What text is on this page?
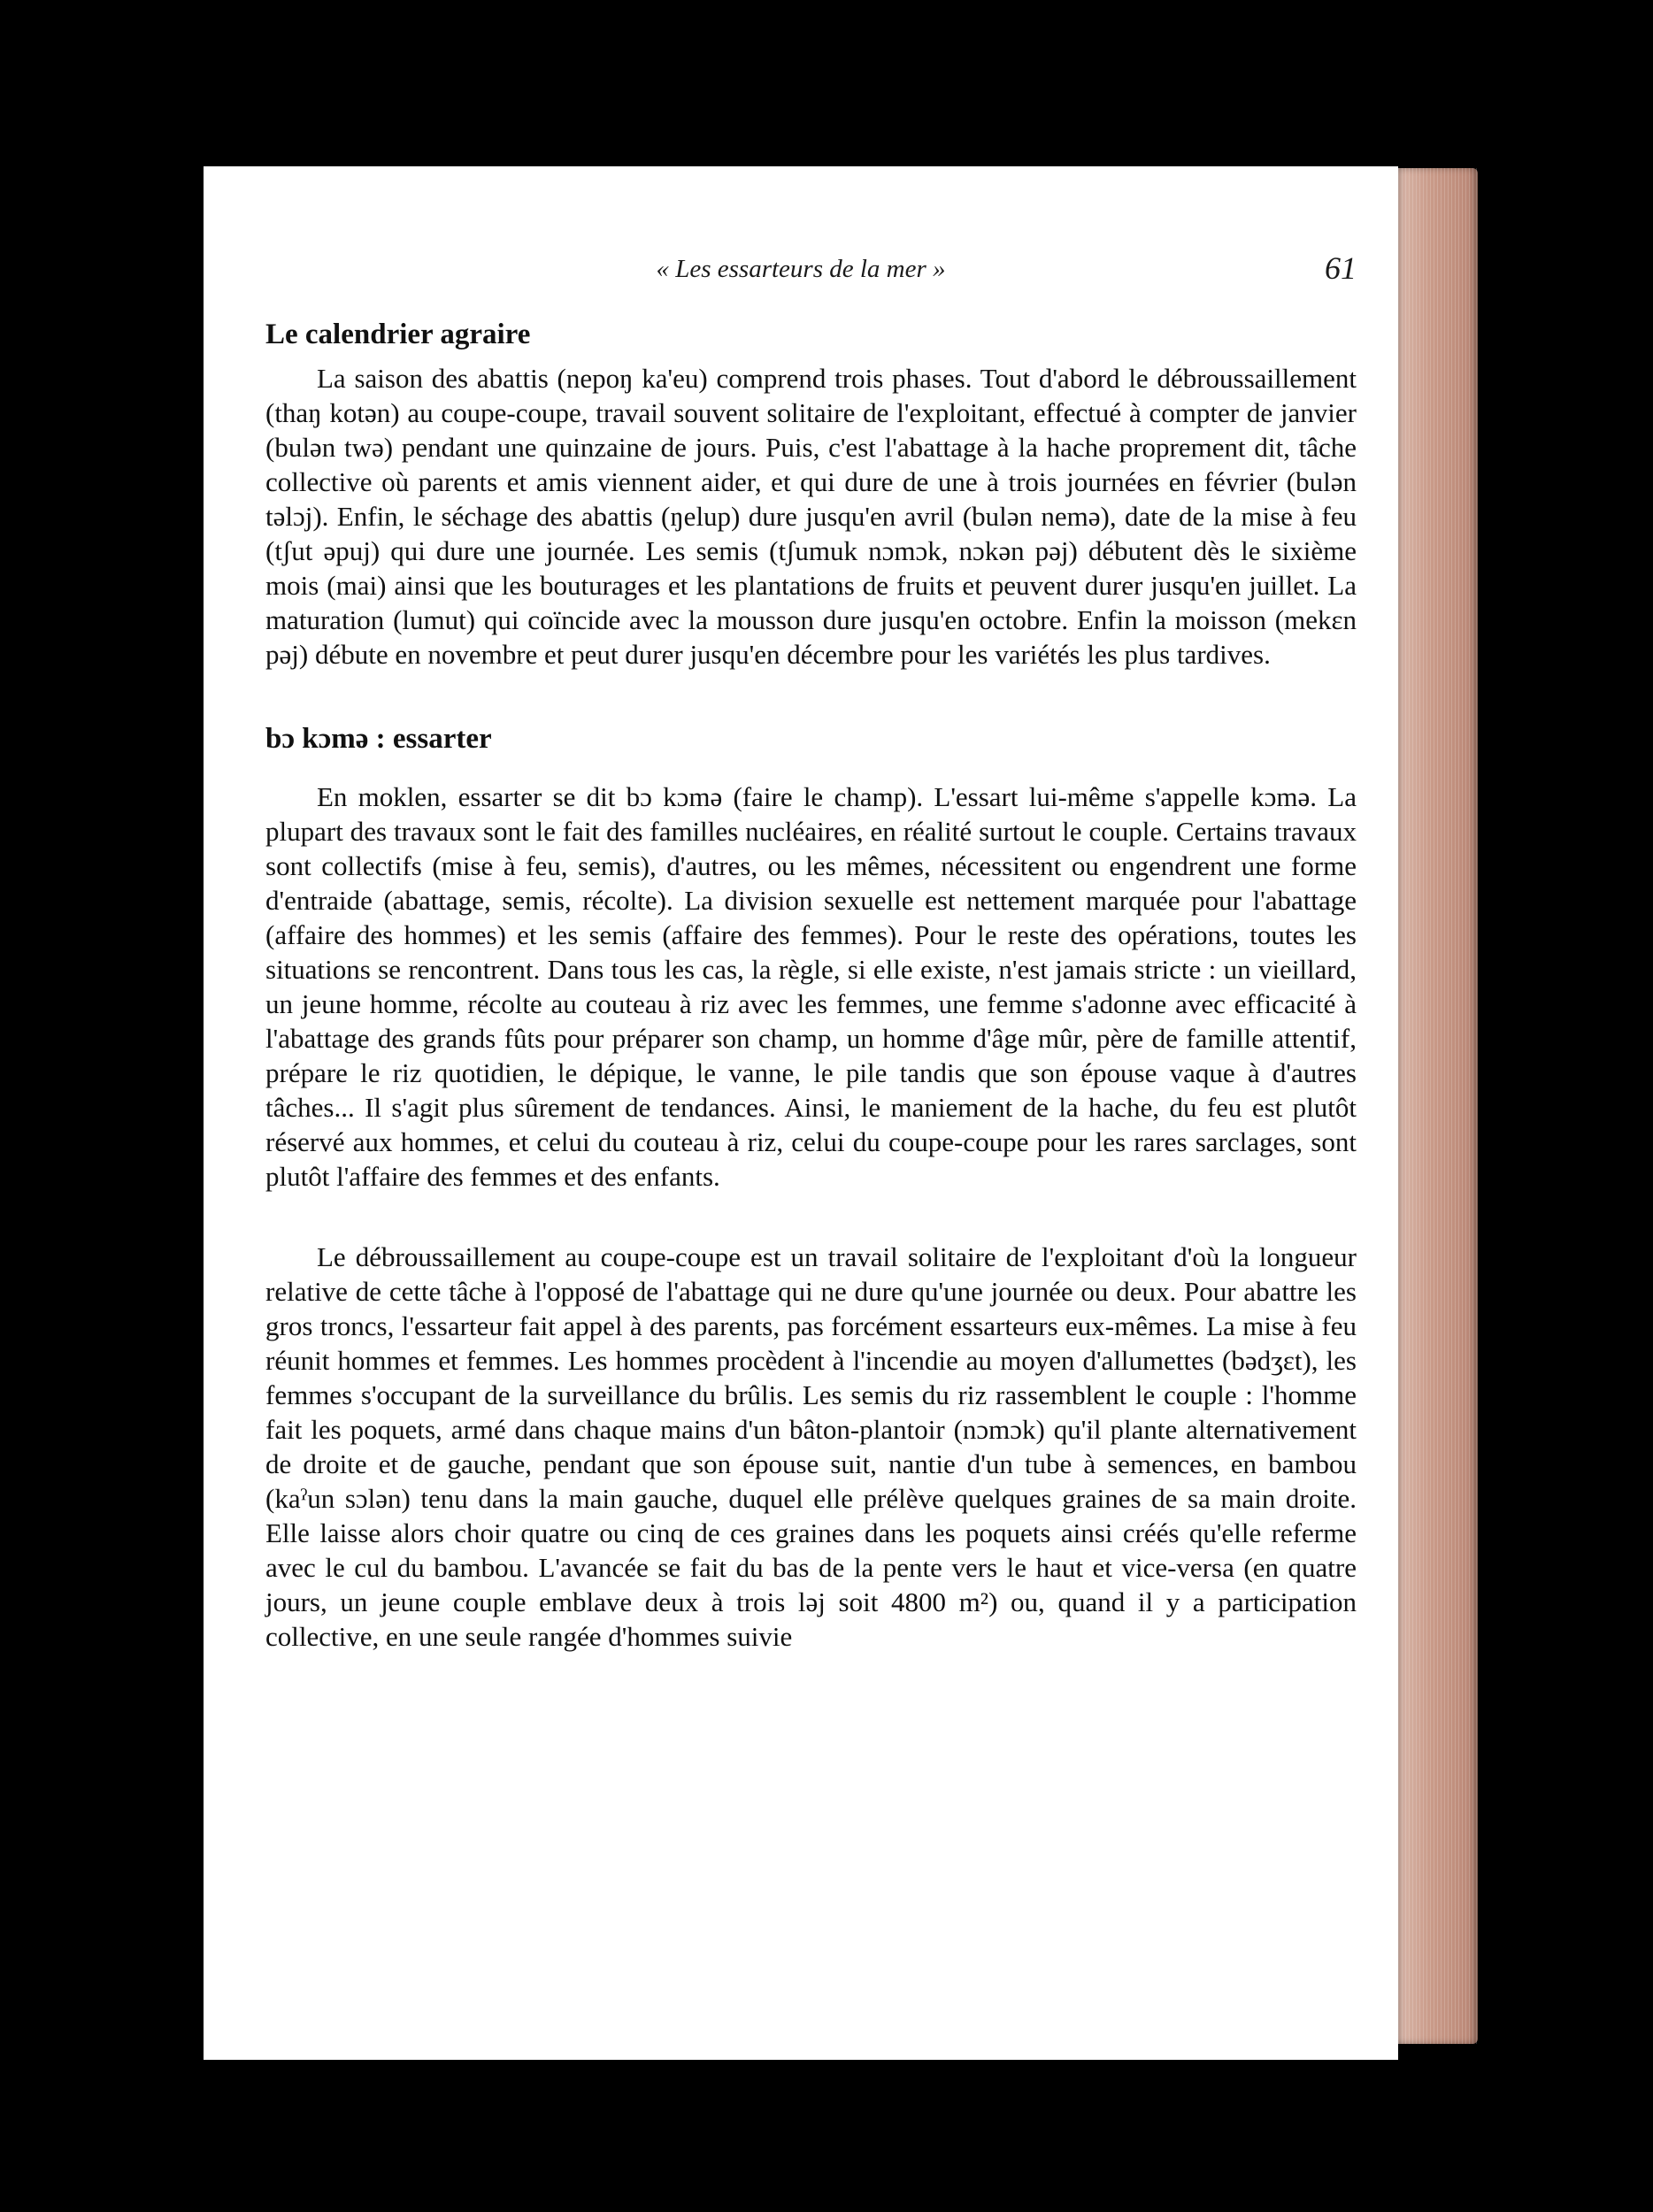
« Les essarteurs de la mer »	61
Le calendrier agraire

La saison des abattis (nepoŋ ka'eu) comprend trois phases. Tout d'abord le débroussaillement (thaŋ kotən) au coupe-coupe, travail souvent solitaire de l'exploitant, effectué à compter de janvier (bulən twə) pendant une quinzaine de jours. Puis, c'est l'abattage à la hache proprement dit, tâche collective où parents et amis viennent aider, et qui dure de une à trois journées en février (bulən təlɔj). Enfin, le séchage des abattis (ŋelup) dure jusqu'en avril (bulən nemə), date de la mise à feu (tʃut əpuj) qui dure une journée. Les semis (tʃumuk nɔmɔk, nɔkən pəj) débutent dès le sixième mois (mai) ainsi que les bouturages et les plantations de fruits et peuvent durer jusqu'en juillet. La maturation (lumut) qui coïncide avec la mousson dure jusqu'en octobre. Enfin la moisson (mekɛn pəj) débute en novembre et peut durer jusqu'en décembre pour les variétés les plus tardives.

bɔ kɔmə : essarter

En moklen, essarter se dit bɔ kɔmə (faire le champ). L'essart lui-même s'appelle kɔmə. La plupart des travaux sont le fait des familles nucléaires, en réalité surtout le couple. Certains travaux sont collectifs (mise à feu, semis), d'autres, ou les mêmes, nécessitent ou engendrent une forme d'entraide (abattage, semis, récolte). La division sexuelle est nettement marquée pour l'abattage (affaire des hommes) et les semis (affaire des femmes). Pour le reste des opérations, toutes les situations se rencontrent. Dans tous les cas, la règle, si elle existe, n'est jamais stricte : un vieillard, un jeune homme, récolte au couteau à riz avec les femmes, une femme s'adonne avec efficacité à l'abattage des grands fûts pour préparer son champ, un homme d'âge mûr, père de famille attentif, prépare le riz quotidien, le dépique, le vanne, le pile tandis que son épouse vaque à d'autres tâches... Il s'agit plus sûrement de tendances. Ainsi, le maniement de la hache, du feu est plutôt réservé aux hommes, et celui du couteau à riz, celui du coupe-coupe pour les rares sarclages, sont plutôt l'affaire des femmes et des enfants.

Le débroussaillement au coupe-coupe est un travail solitaire de l'exploitant d'où la longueur relative de cette tâche à l'opposé de l'abattage qui ne dure qu'une journée ou deux. Pour abattre les gros troncs, l'essarteur fait appel à des parents, pas forcément essarteurs eux-mêmes. La mise à feu réunit hommes et femmes. Les hommes procèdent à l'incendie au moyen d'allumettes (bədʒɛt), les femmes s'occupant de la surveillance du brûlis. Les semis du riz rassemblent le couple : l'homme fait les poquets, armé dans chaque mains d'un bâton-plantoir (nɔmɔk) qu'il plante alternativement de droite et de gauche, pendant que son épouse suit, nantie d'un tube à semences, en bambou (kaˀun sɔlən) tenu dans la main gauche, duquel elle prélève quelques graines de sa main droite. Elle laisse alors choir quatre ou cinq de ces graines dans les poquets ainsi créés qu'elle referme avec le cul du bambou. L'avancée se fait du bas de la pente vers le haut et vice-versa (en quatre jours, un jeune couple emblave deux à trois ləj soit 4800 m²) ou, quand il y a participation collective, en une seule rangée d'hommes suivie
